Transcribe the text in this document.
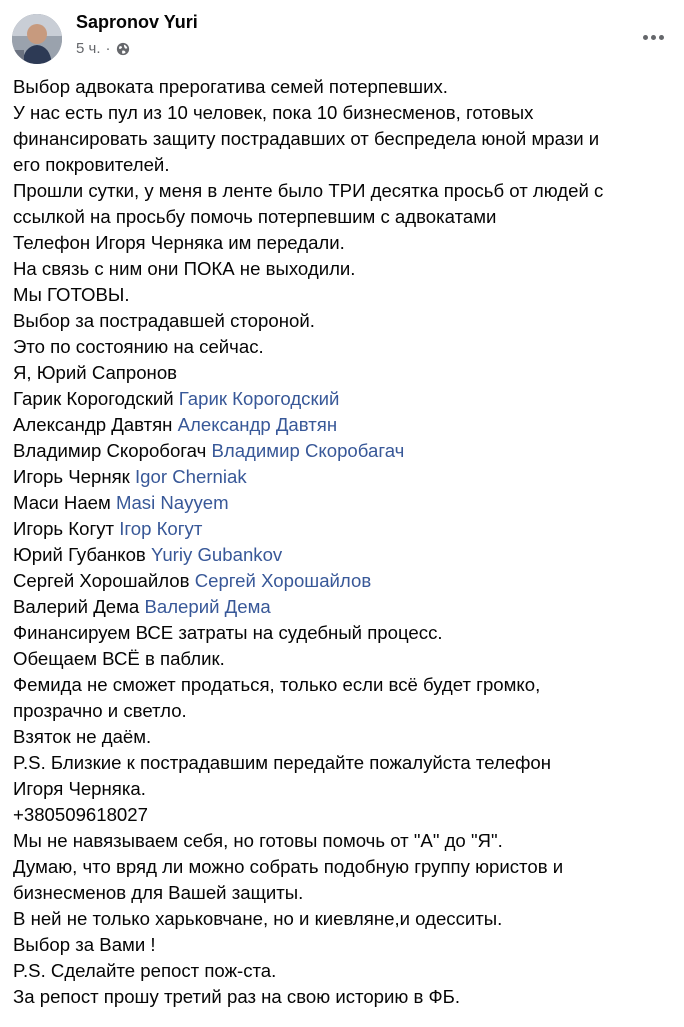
Sapronov Yuri
5 ч. ·
Выбор адвоката прерогатива семей потерпевших.
У нас есть пул из 10 человек, пока 10 бизнесменов, готовых
финансировать защиту пострадавших от беспредела юной мрази и
его покровителей.
Прошли сутки, у меня в ленте было ТРИ десятка просьб от людей с
ссылкой на просьбу помочь потерпевшим с адвокатами
Телефон Игоря Черняка им передали.
На связь с ним они ПОКА не выходили.
Мы ГОТОВЫ.
Выбор за пострадавшей стороной.
Это по состоянию на сейчас.
Я, Юрий Сапронов
Гарик Корогодский Гарик Корогодский
Александр Давтян Александр Давтян
Владимир Скоробогач Владимир Скоробагач
Игорь Черняк Igor Cherniak
Маси Наем Masi Nayyem
Игорь Когут Ігор Когут
Юрий Губанков Yuriy Gubankov
Сергей Хорошайлов Сергей Хорошайлов
Валерий Дема Валерий Дема
Финансируем ВСЕ затраты на судебный процесс.
Обещаем ВСЁ в паблик.
Фемида не сможет продаться, только если всё будет громко,
прозрачно и светло.
Взяток не даём.
P.S. Близкие к пострадавшим передайте пожалуйста телефон
Игоря Черняка.
+380509618027
Мы не навязываем себя, но готовы помочь от "А" до "Я".
Думаю, что вряд ли можно собрать подобную группу юристов и
бизнесменов для Вашей защиты.
В ней не только харьковчане, но и киевляне,и одесситы.
Выбор за Вами !
P.S. Сделайте репост пож-ста.
За репост прошу третий раз на свою историю в ФБ.
